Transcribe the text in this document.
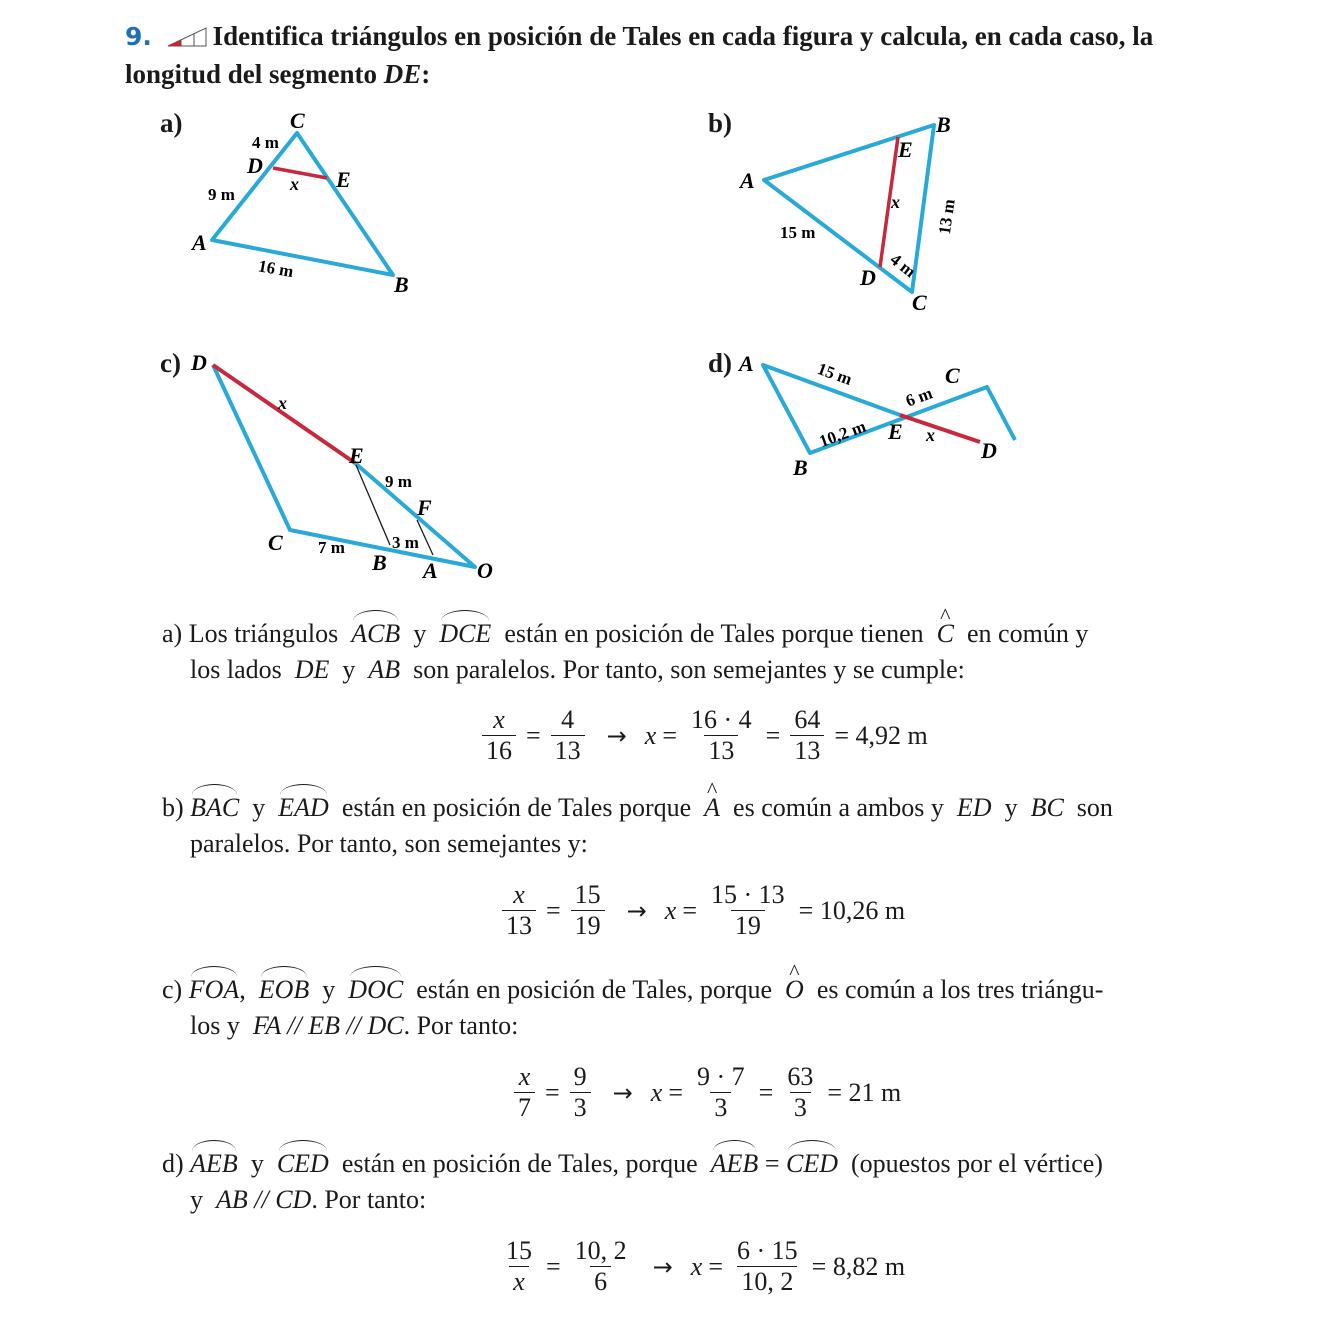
9. Identifica triángulos en posición de Tales en cada figura y calcula, en cada caso, la
longitud del segmento DE:
a)	C
D
E
A
B
4 m
9 m
16 m
x
b)	B
E
A
D
C
15 m
4 m
13 m
x
c) D
E
F
C
B A O
x
9 m
7 m	3 m
d) A
B
C
E
D
15 m
10,2 m
6 m
x
a) Los triángulos ACB y DCE están en posición de Tales porque tienen ^ C en común y
los lados DE y AB son paralelos. Por tanto, son semejantes y se cumple:
$\frac{x}{16} = \frac{4}{13} \to x = \frac{16 \cdot 4}{13} = \frac{64}{13} = 4,92$ m
b) BAC y EAD están en posición de Tales porque ^ A es común a ambos y ED y BC son
paralelos. Por tanto, son semejantes y:
$\frac{x}{13} = \frac{15}{19} \to x = \frac{15 \cdot 13}{19} = 10,26$ m
c) FOA, EOB y DOC están en posición de Tales, porque ^ O es común a los tres triángu-
los y FA // EB // DC. Por tanto:
$\frac{x}{7} = \frac{9}{3} \to x = \frac{9 \cdot 7}{3} = \frac{63}{3} = 21$ m
d) AEB y CED están en posición de Tales, porque AEB = CED (opuestos por el vértice)
y AB // CD. Por tanto:
$\frac{15}{x} = \frac{10, 2}{6} \to x = \frac{6 \cdot 15}{10, 2} = 8,82$ m
